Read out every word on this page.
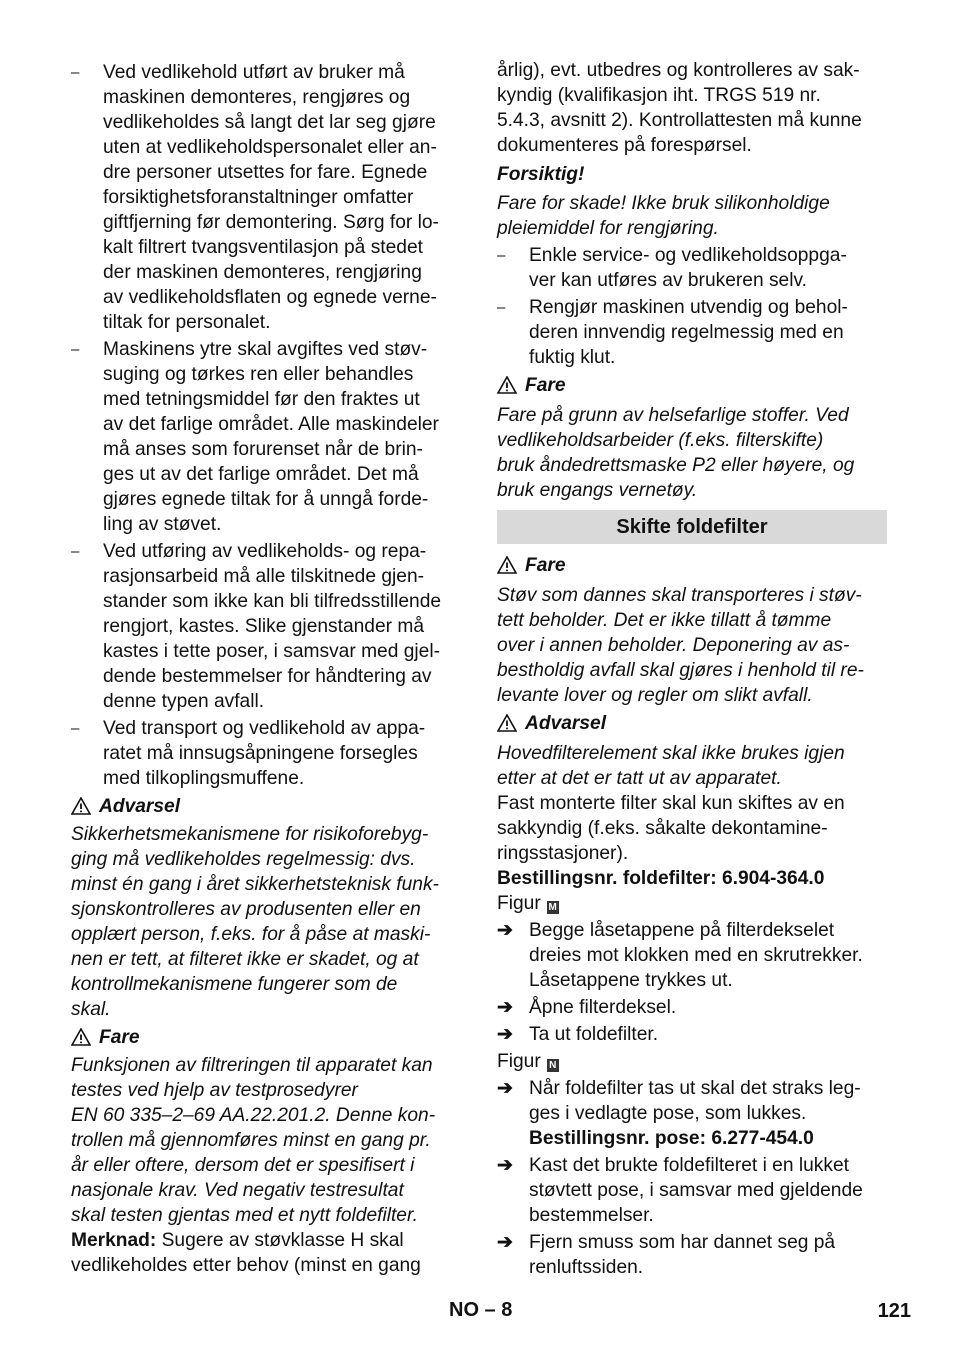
– Ved vedlikehold utført av bruker må
maskinen demonteres, rengjøres og
vedlikeholdes så langt det lar seg gjøre
uten at vedlikeholdspersonalet eller an-
dre personer utsettes for fare. Egnede
forsiktighetsforanstaltninger omfatter
giftfjerning før demontering. Sørg for lo-
kalt filtrert tvangsventilasjon på stedet
der maskinen demonteres, rengjøring
av vedlikeholdsflaten og egnede verne-
tiltak for personalet.
– Maskinens ytre skal avgiftes ved støv-
suging og tørkes ren eller behandles
med tetningsmiddel før den fraktes ut
av det farlige området. Alle maskindeler
må anses som forurenset når de brin-
ges ut av det farlige området. Det må
gjøres egnede tiltak for å unngå forde-
ling av støvet.
– Ved utføring av vedlikeholds- og repa-
rasjonsarbeid må alle tilskitnede gjen-
stander som ikke kan bli tilfredsstillende
rengjort, kastes. Slike gjenstander må
kastes i tette poser, i samsvar med gjel-
dende bestemmelser for håndtering av
denne typen avfall.
– Ved transport og vedlikehold av appa-
ratet må innsugsåpningene forsegles
med tilkoplingsmuffene.
Advarsel
Sikkerhetsmekanismene for risikoforebyg-
ging må vedlikeholdes regelmessig: dvs.
minst én gang i året sikkerhetsteknisk funk-
sjonskontrolleres av produsenten eller en
opplært person, f.eks. for å påse at maski-
nen er tett, at filteret ikke er skadet, og at
kontrollmekanismene fungerer som de
skal.
Fare
Funksjonen av filtreringen til apparatet kan
testes ved hjelp av testprosedyrer
EN 60 335–2–69 AA.22.201.2. Denne kon-
trollen må gjennomføres minst en gang pr.
år eller oftere, dersom det er spesifisert i
nasjonale krav. Ved negativ testresultat
skal testen gjentas med et nytt foldefilter.
Merknad: Sugere av støvklasse H skal
vedlikeholdes etter behov (minst en gang
årlig), evt. utbedres og kontrolleres av sak-
kyndig (kvalifikasjon iht. TRGS 519 nr.
5.4.3, avsnitt 2). Kontrollattesten må kunne
dokumenteres på forespørsel.
Forsiktig!
Fare for skade! Ikke bruk silikonholdige
pleiemiddel for rengjøring.
– Enkle service- og vedlikeholdsoppga-
ver kan utføres av brukeren selv.
– Rengjør maskinen utvendig og behol-
deren innvendig regelmessig med en
fuktig klut.
Fare
Fare på grunn av helsefarlige stoffer. Ved
vedlikeholdsarbeider (f.eks. filterskifte)
bruk åndedrettsmaske P2 eller høyere, og
bruk engangs vernetøy.
Skifte foldefilter
Fare
Støv som dannes skal transporteres i støv-
tett beholder. Det er ikke tillatt å tømme
over i annen beholder. Deponering av as-
bestholdig avfall skal gjøres i henhold til re-
levante lover og regler om slikt avfall.
Advarsel
Hovedfilterelement skal ikke brukes igjen
etter at det er tatt ut av apparatet.
Fast monterte filter skal kun skiftes av en
sakkyndig (f.eks. såkalte dekontamine-
ringsstasjoner).
Bestillingsnr. foldefilter: 6.904-364.0
Figur M
➔ Begge låsetappene på filterdekselet
dreies mot klokken med en skrutrekker.
Låsetappene trykkes ut.
➔ Åpne filterdeksel.
➔ Ta ut foldefilter.
Figur N
➔ Når foldefilter tas ut skal det straks leg-
ges i vedlagte pose, som lukkes.
Bestillingsnr. pose: 6.277-454.0
➔ Kast det brukte foldefilteret i en lukket
støvtett pose, i samsvar med gjeldende
bestemmelser.
➔ Fjern smuss som har dannet seg på
renluftssiden.
NO – 8	121
